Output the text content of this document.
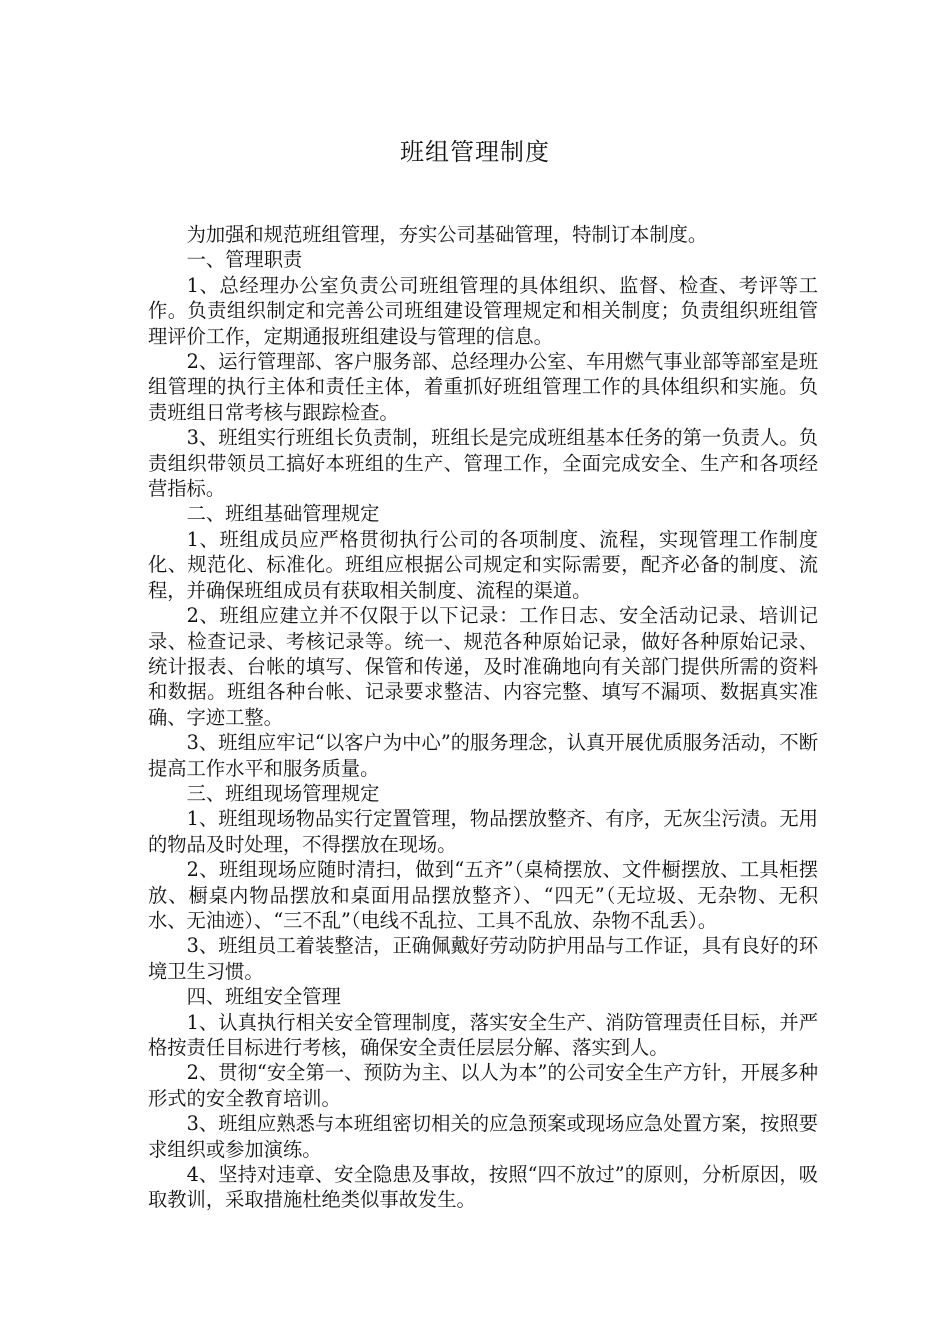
班组管理制度

为加强和规范班组管理，夯实公司基础管理，特制订本制度。

一、管理职责

1、总经理办公室负责公司班组管理的具体组织、监督、检查、考评等工作。负责组织制定和完善公司班组建设管理规定和相关制度；负责组织班组管理评价工作，定期通报班组建设与管理的信息。

2、运行管理部、客户服务部、总经理办公室、车用燃气事业部等部室是班组管理的执行主体和责任主体，着重抓好班组管理工作的具体组织和实施。负责班组日常考核与跟踪检查。

3、班组实行班组长负责制，班组长是完成班组基本任务的第一负责人。负责组织带领员工搞好本班组的生产、管理工作，全面完成安全、生产和各项经营指标。

二、班组基础管理规定

1、班组成员应严格贯彻执行公司的各项制度、流程，实现管理工作制度化、规范化、标准化。班组应根据公司规定和实际需要，配齐必备的制度、流程，并确保班组成员有获取相关制度、流程的渠道。

2、班组应建立并不仅限于以下记录：工作日志、安全活动记录、培训记录、检查记录、考核记录等。统一、规范各种原始记录，做好各种原始记录、统计报表、台帐的填写、保管和传递，及时准确地向有关部门提供所需的资料和数据。班组各种台帐、记录要求整洁、内容完整、填写不漏项、数据真实准确、字迹工整。

3、班组应牢记“以客户为中心”的服务理念，认真开展优质服务活动，不断提高工作水平和服务质量。

三、班组现场管理规定

1、班组现场物品实行定置管理，物品摆放整齐、有序，无灰尘污渍。无用的物品及时处理，不得摆放在现场。

2、班组现场应随时清扫，做到“五齐”（桌椅摆放、文件橱摆放、工具柜摆放、橱桌内物品摆放和桌面用品摆放整齐）、“四无”（无垃圾、无杂物、无积水、无油迹）、“三不乱”（电线不乱拉、工具不乱放、杂物不乱丢）。

3、班组员工着装整洁，正确佩戴好劳动防护用品与工作证，具有良好的环境卫生习惯。

四、班组安全管理

1、认真执行相关安全管理制度，落实安全生产、消防管理责任目标，并严格按责任目标进行考核，确保安全责任层层分解、落实到人。

2、贯彻“安全第一、预防为主、以人为本”的公司安全生产方针，开展多种形式的安全教育培训。

3、班组应熟悉与本班组密切相关的应急预案或现场应急处置方案，按照要求组织或参加演练。

4、坚持对违章、安全隐患及事故，按照“四不放过”的原则，分析原因，吸取教训，采取措施杜绝类似事故发生。
